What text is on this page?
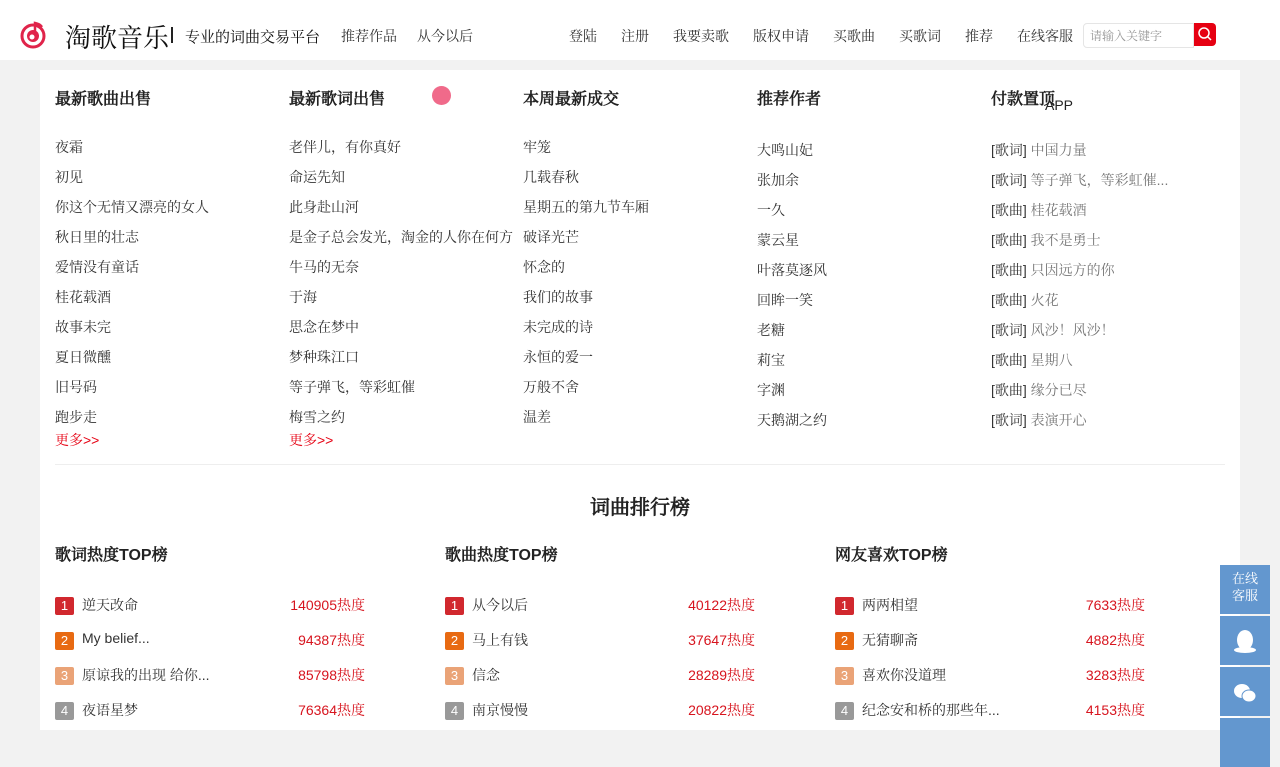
淘歌音乐 专业的词曲交易平台 推荐作品 从今以后	登陆 注册 我要卖歌 版权申请 买歌曲 买歌词 推荐 在线客服
请输入关键字
词曲排行榜
最新歌曲出售
夜霜
初见
你这个无情又漂亮的女人
秋日里的壮志
爱情没有童话
桂花载酒
故事未完
夏日微醺
旧号码
跑步走
更多>>
最新歌词出售
老伴儿，有你真好
命运先知
此身赴山河
是金子总会发光，淘金的人你在何方
牛马的无奈
于海
思念在梦中
梦种珠江口
等子弹飞，等彩虹催
梅雪之约
更多>>
本周最新成交
牢笼
几载春秋
星期五的第九节车厢
破译光芒
怀念的
我们的故事
未完成的诗
永恒的爱一
万般不舍
温差
推荐作者
大鸣山妃
张加余
一久
蒙云星
叶落莫逐风
回眸一笑
老糖
莉宝
字渊
天鹅湖之约
付款置顶
[歌词] 中国力量
[歌词] 等子弹飞，等彩虹催...
[歌曲] 桂花载酒
[歌曲] 我不是勇士
[歌曲] 只因远方的你
[歌曲] 火花
[歌词] 风沙！风沙！
[歌曲] 星期八
[歌曲] 缘分已尽
[歌词] 表演开心
歌词热度TOP榜
1 逆天改命	140905热度
2 My belief...	94387热度
3 原谅我的出现 给你...	85798热度
4 夜语星梦	76364热度
歌曲热度TOP榜
1 从今以后	40122热度
2 马上有钱	37647热度
3 信念	28289热度
4 南京慢慢	20822热度
网友喜欢TOP榜
1 两两相望	7633热度
2 无猜聊斋	4882热度
3 喜欢你没道理	3283热度
4 纪念安和桥的那些年...	4153热度
APP
在线客服
